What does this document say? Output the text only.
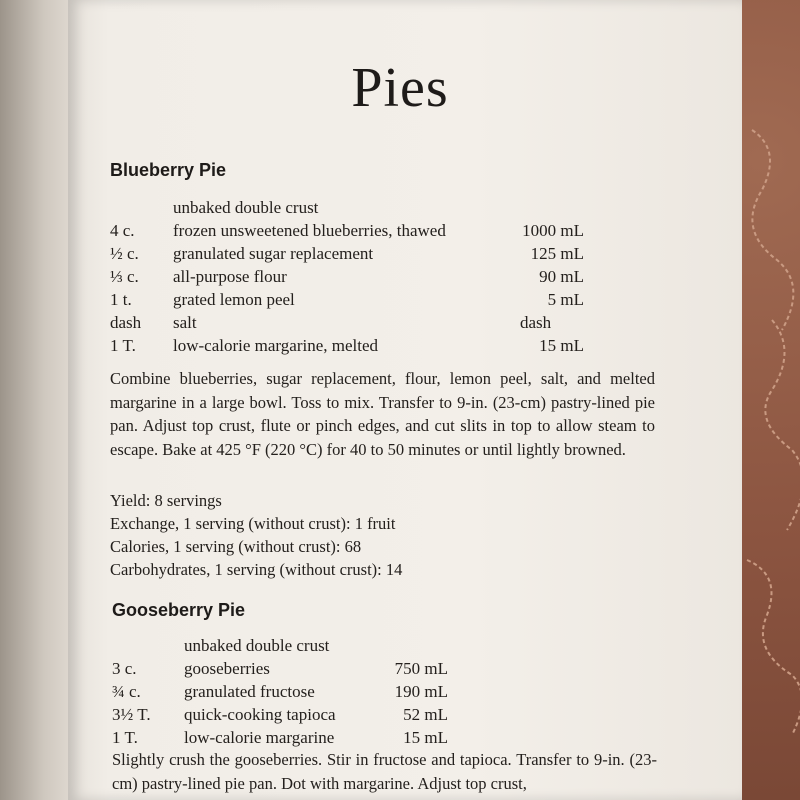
Pies
Blueberry Pie
unbaked double crust
4 c. frozen unsweetened blueberries, thawed	1000 mL
½ c. granulated sugar replacement	125 mL
⅓ c. all-purpose flour	90 mL
1 t. grated lemon peel	5 mL
dash salt	dash
1 T. low-calorie margarine, melted	15 mL

Combine blueberries, sugar replacement, flour, lemon peel, salt, and melted margarine in a large bowl. Toss to mix. Transfer to 9-in. (23-cm) pastry-lined pie pan. Adjust top crust, flute or pinch edges, and cut slits in top to allow steam to escape. Bake at 425 °F (220 °C) for 40 to 50 minutes or until lightly browned.

Yield: 8 servings
Exchange, 1 serving (without crust): 1 fruit
Calories, 1 serving (without crust): 68
Carbohydrates, 1 serving (without crust): 14
Gooseberry Pie
unbaked double crust
3 c.	gooseberries	750 mL
¾ c.	granulated fructose	190 mL
3½ T. quick-cooking tapioca	52 mL
1 T.	low-calorie margarine	15 mL

Slightly crush the gooseberries. Stir in fructose and tapioca. Transfer to 9-in. (23-cm) pastry-lined pie pan. Dot with margarine. Adjust top crust,
